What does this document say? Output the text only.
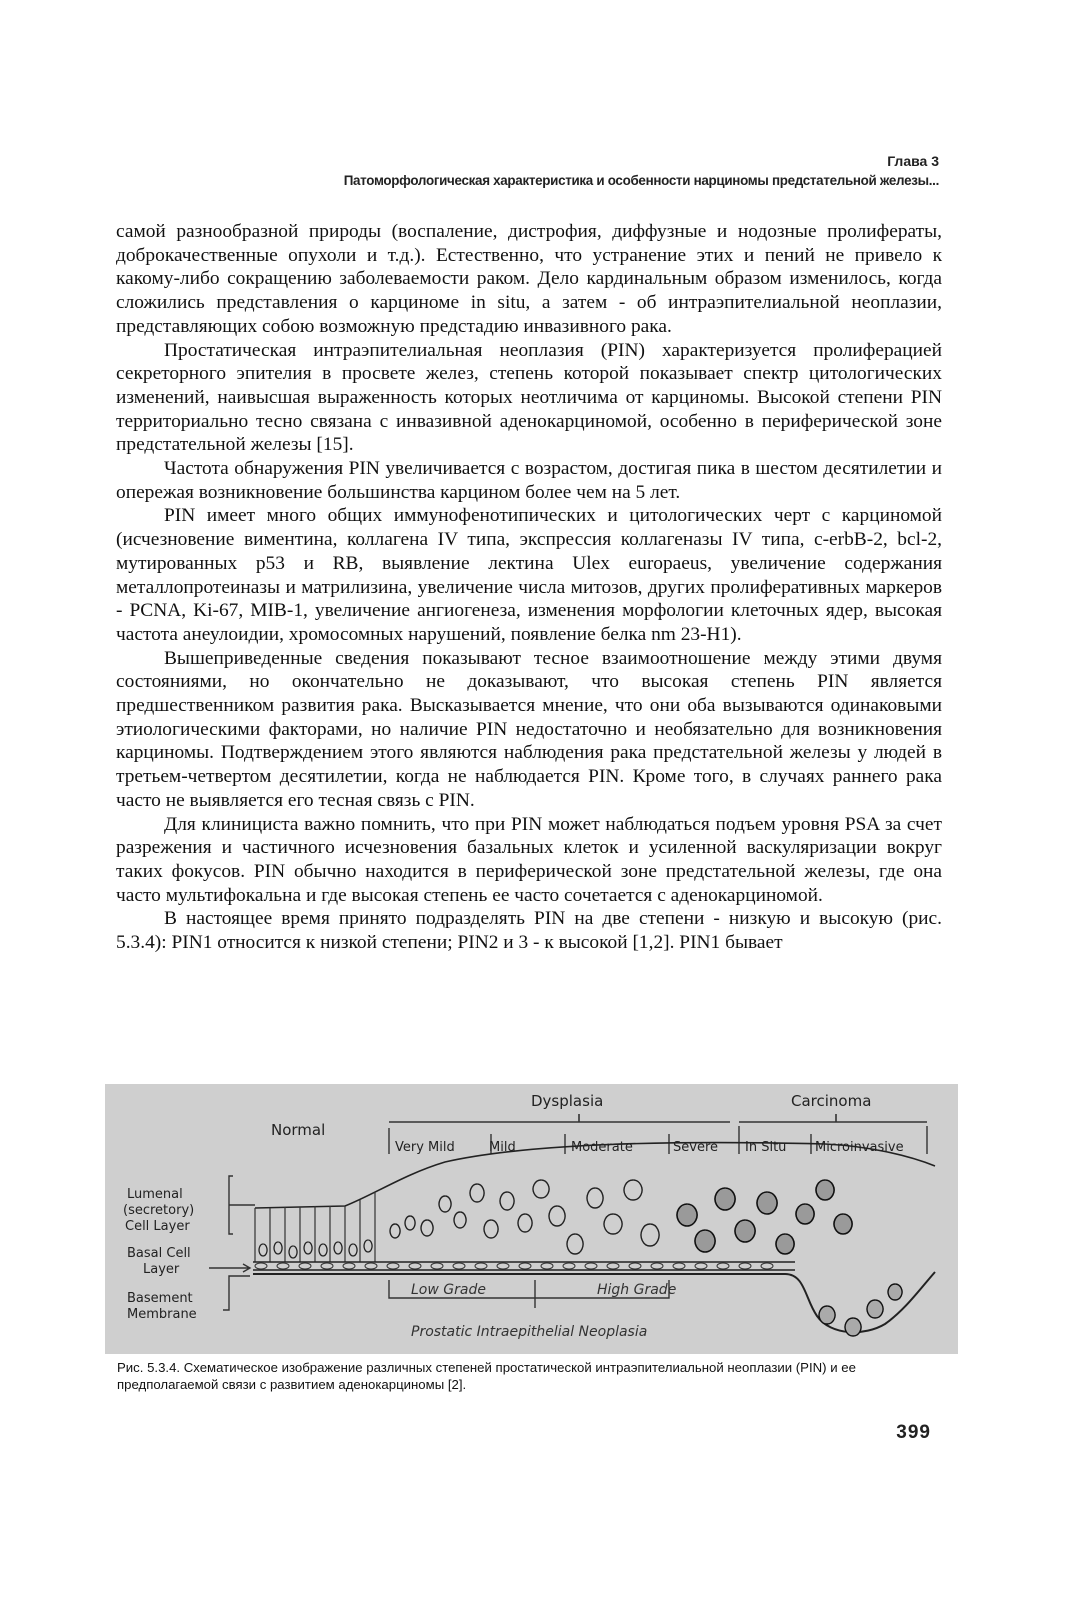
Глава 3
Патоморфологическая характеристика и особенности нарциномы предстательной железы...

самой разнообразной природы (воспаление, дистрофия, диффузные и нодозные пролифераты, доброкачественные опухоли и т.д.). Естественно, что устранение этих и пений не привело к какому-либо сокращению заболеваемости раком. Дело кардинальным образом изменилось, когда сложились представления о карциноме in situ, а затем - об интраэпителиальной неоплазии, представляющих собою возможную предстадию инвазивного рака.

Простатическая интраэпителиальная неоплазия (PIN) характеризуется пролиферацией секреторного эпителия в просвете желез, степень которой показывает спектр цитологических изменений, наивысшая выраженность которых неотличима от карциномы. Высокой степени PIN территориально тесно связана с инвазивной аденокарциномой, особенно в периферической зоне предстательной железы [15].

Частота обнаружения PIN увеличивается с возрастом, достигая пика в шестом десятилетии и опережая возникновение большинства карцином более чем на 5 лет.

PIN имеет много общих иммунофенотипических и цитологических черт с карциномой (исчезновение виментина, коллагена IV типа, экспрессия коллагеназы IV типа, c-erbB-2, bcl-2, мутированных p53 и RB, выявление лектина Ulex europaeus, увеличение содержания металлопротеиназы и матрилизина, увеличение числа митозов, других пролиферативных маркеров - PCNA, Ki-67, MIB-1, увеличение ангиогенеза, изменения морфологии клеточных ядер, высокая частота анеулоидии, хромосомных нарушений, появление белка nm 23-H1).

Вышеприведенные сведения показывают тесное взаимоотношение между этими двумя состояниями, но окончательно не доказывают, что высокая степень PIN является предшественником развития рака. Высказывается мнение, что они оба вызываются одинаковыми этиологическими факторами, но наличие PIN недостаточно и необязательно для возникновения карциномы. Подтверждением этого являются наблюдения рака предстательной железы у людей в третьем-четвертом десятилетии, когда не наблюдается PIN. Кроме того, в случаях раннего рака часто не выявляется его тесная связь с PIN.

Для клинициста важно помнить, что при PIN может наблюдаться подъем уровня PSA за счет разрежения и частичного исчезновения базальных клеток и усиленной васкуляризации вокруг таких фокусов. PIN обычно находится в периферической зоне предстательной железы, где она часто мультифокальна и где высокая степень ее часто сочетается с аденокарциномой.

В настоящее время принято подразделять PIN на две степени - низкую и высокую (рис. 5.3.4): PIN1 относится к низкой степени; PIN2 и 3 - к высокой [1,2]. PIN1 бывает

Normal
Dysplasia	Carcinoma
Very Mild	Mild	Moderate	Severe In Situ Microinvasive
Lumenal
(secretory)
Cell Layer
Basal Cell
Layer
Basement
Membrane
Low Grade	High Grade
Prostatic Intraepithelial Neoplasia
Рис. 5.3.4. Схематическое изображение различных степеней простатической интраэпителиальной неоплазии (PIN) и ее предполагаемой связи с развитием аденокарциномы [2].
399
